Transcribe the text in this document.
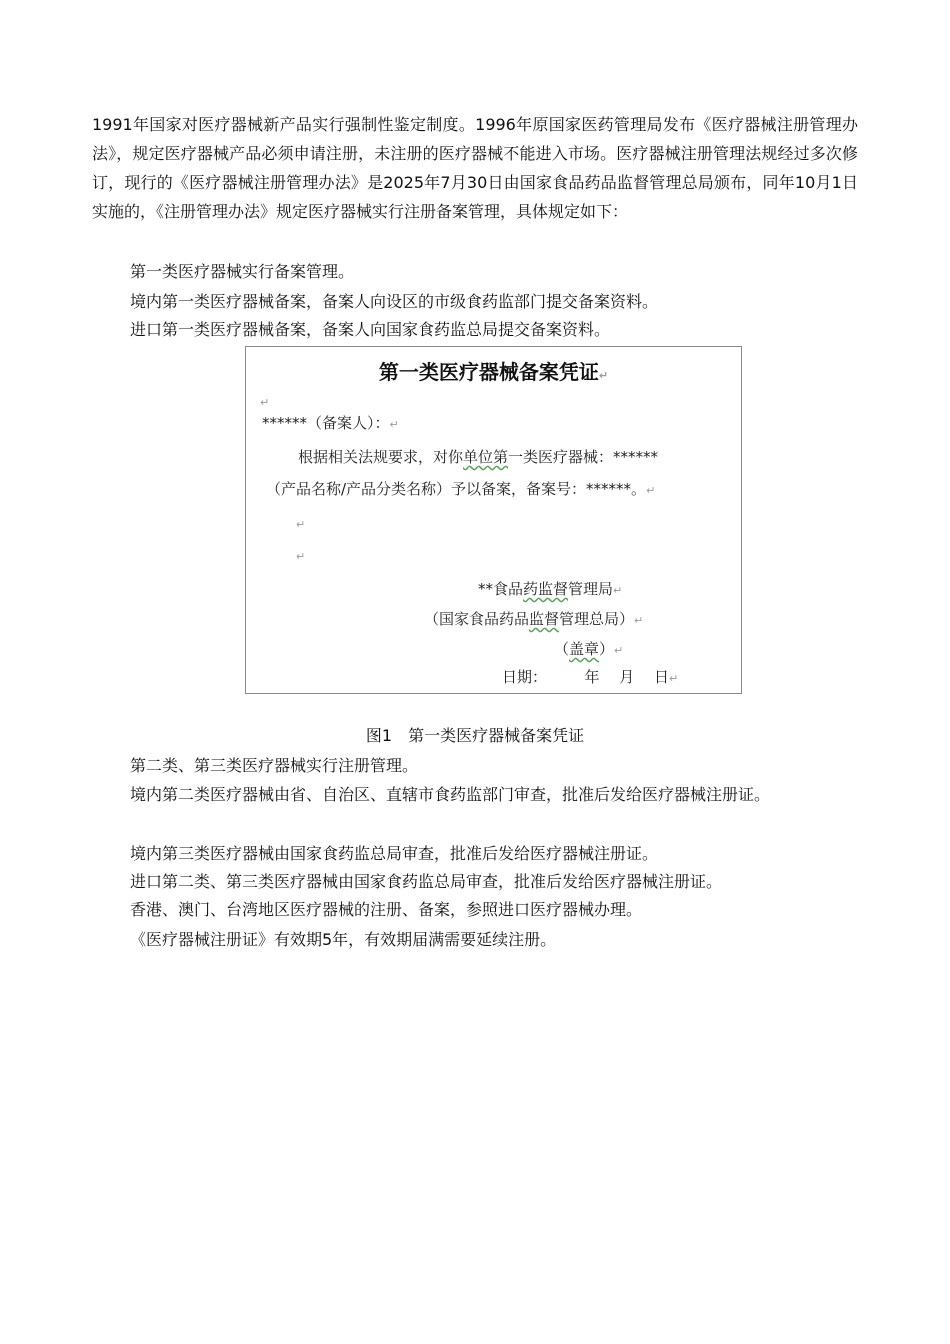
1991年国家对医疗器械新产品实行强制性鉴定制度。1996年原国家医药管理局发布《医疗器械注册管理办法》，规定医疗器械产品必须申请注册，未注册的医疗器械不能进入市场。医疗器械注册管理法规经过多次修订，现行的《医疗器械注册管理办法》是2025年7月30日由国家食品药品监督管理总局颁布，同年10月1日实施的，《注册管理办法》规定医疗器械实行注册备案管理，具体规定如下：

第一类医疗器械实行备案管理。

境内第一类医疗器械备案，备案人向设区的市级食药监部门提交备案资料。

进口第一类医疗器械备案，备案人向国家食药监总局提交备案资料。

第一类医疗器械备案凭证↵
↵
******（备案人）：↵
根据相关法规要求，对你单位第一类医疗器械：******
（产品名称/产品分类名称）予以备案，备案号：******。↵
↵
↵
**食品药监督管理局↵
（国家食品药品监督管理总局）↵
（盖章）↵
日期：　　　年　 月　 日↵
图1　第一类医疗器械备案凭证

第二类、第三类医疗器械实行注册管理。

境内第二类医疗器械由省、自治区、直辖市食药监部门审查，批准后发给医疗器械注册证。

境内第三类医疗器械由国家食药监总局审查，批准后发给医疗器械注册证。

进口第二类、第三类医疗器械由国家食药监总局审查，批准后发给医疗器械注册证。

香港、澳门、台湾地区医疗器械的注册、备案，参照进口医疗器械办理。

《医疗器械注册证》有效期5年，有效期届满需要延续注册。
